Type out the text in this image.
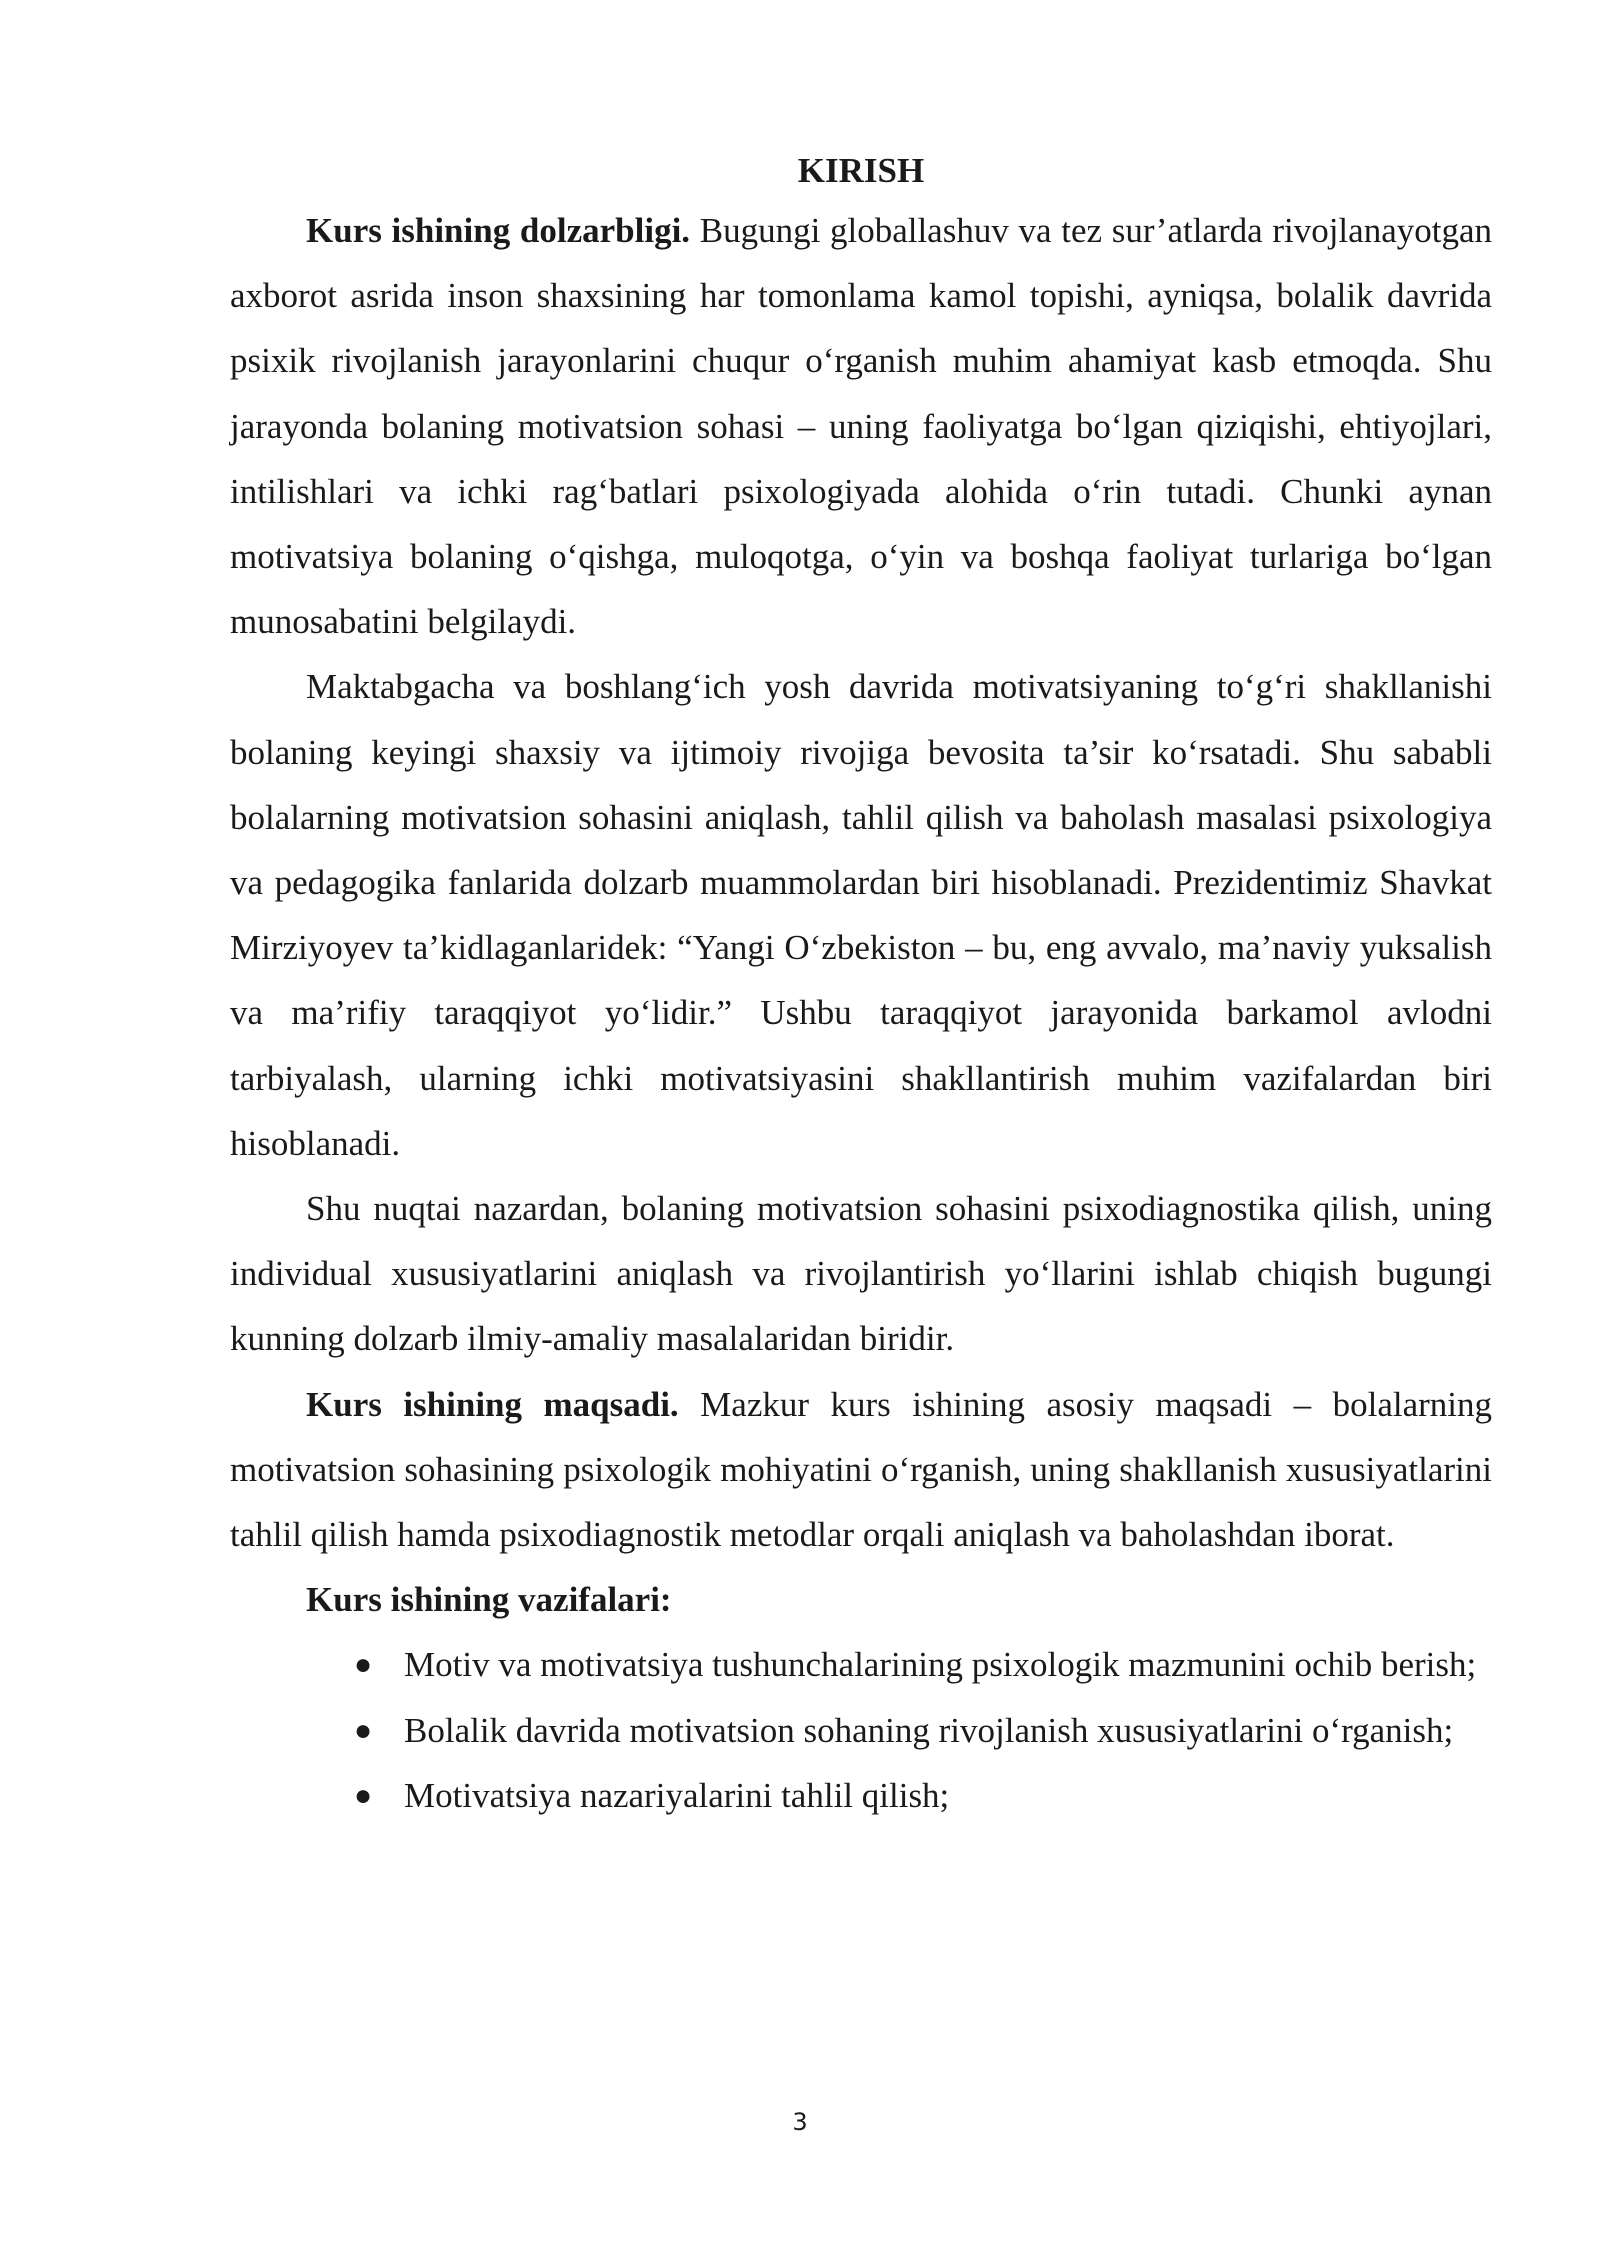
KIRISH

Kurs ishining dolzarbligi. Bugungi globallashuv va tez sur’atlarda rivojlanayotgan axborot asrida inson shaxsining har tomonlama kamol topishi, ayniqsa, bolalik davrida psixik rivojlanish jarayonlarini chuqur o‘rganish muhim ahamiyat kasb etmoqda. Shu jarayonda bolaning motivatsion sohasi – uning faoliyatga bo‘lgan qiziqishi, ehtiyojlari, intilishlari va ichki rag‘batlari psixologiyada alohida o‘rin tutadi. Chunki aynan motivatsiya bolaning o‘qishga, muloqotga, o‘yin va boshqa faoliyat turlariga bo‘lgan munosabatini belgilaydi.

Maktabgacha va boshlang‘ich yosh davrida motivatsiyaning to‘g‘ri shakllanishi bolaning keyingi shaxsiy va ijtimoiy rivojiga bevosita ta’sir ko‘rsatadi. Shu sababli bolalarning motivatsion sohasini aniqlash, tahlil qilish va baholash masalasi psixologiya va pedagogika fanlarida dolzarb muammolardan biri hisoblanadi. Prezidentimiz Shavkat Mirziyoyev ta’kidlaganlaridek: “Yangi O‘zbekiston – bu, eng avvalo, ma’naviy yuksalish va ma’rifiy taraqqiyot yo‘lidir.” Ushbu taraqqiyot jarayonida barkamol avlodni tarbiyalash, ularning ichki motivatsiyasini shakllantirish muhim vazifalardan biri hisoblanadi.

Shu nuqtai nazardan, bolaning motivatsion sohasini psixodiagnostika qilish, uning individual xususiyatlarini aniqlash va rivojlantirish yo‘llarini ishlab chiqish bugungi kunning dolzarb ilmiy-amaliy masalalaridan biridir.

Kurs ishining maqsadi. Mazkur kurs ishining asosiy maqsadi – bolalarning motivatsion sohasining psixologik mohiyatini o‘rganish, uning shakllanish xususiyatlarini tahlil qilish hamda psixodiagnostik metodlar orqali aniqlash va baholashdan iborat.

Kurs ishining vazifalari:

● Motiv va motivatsiya tushunchalarining psixologik mazmunini ochib berish;
● Bolalik davrida motivatsion sohaning rivojlanish xususiyatlarini o‘rganish;
● Motivatsiya nazariyalarini tahlil qilish;
3
